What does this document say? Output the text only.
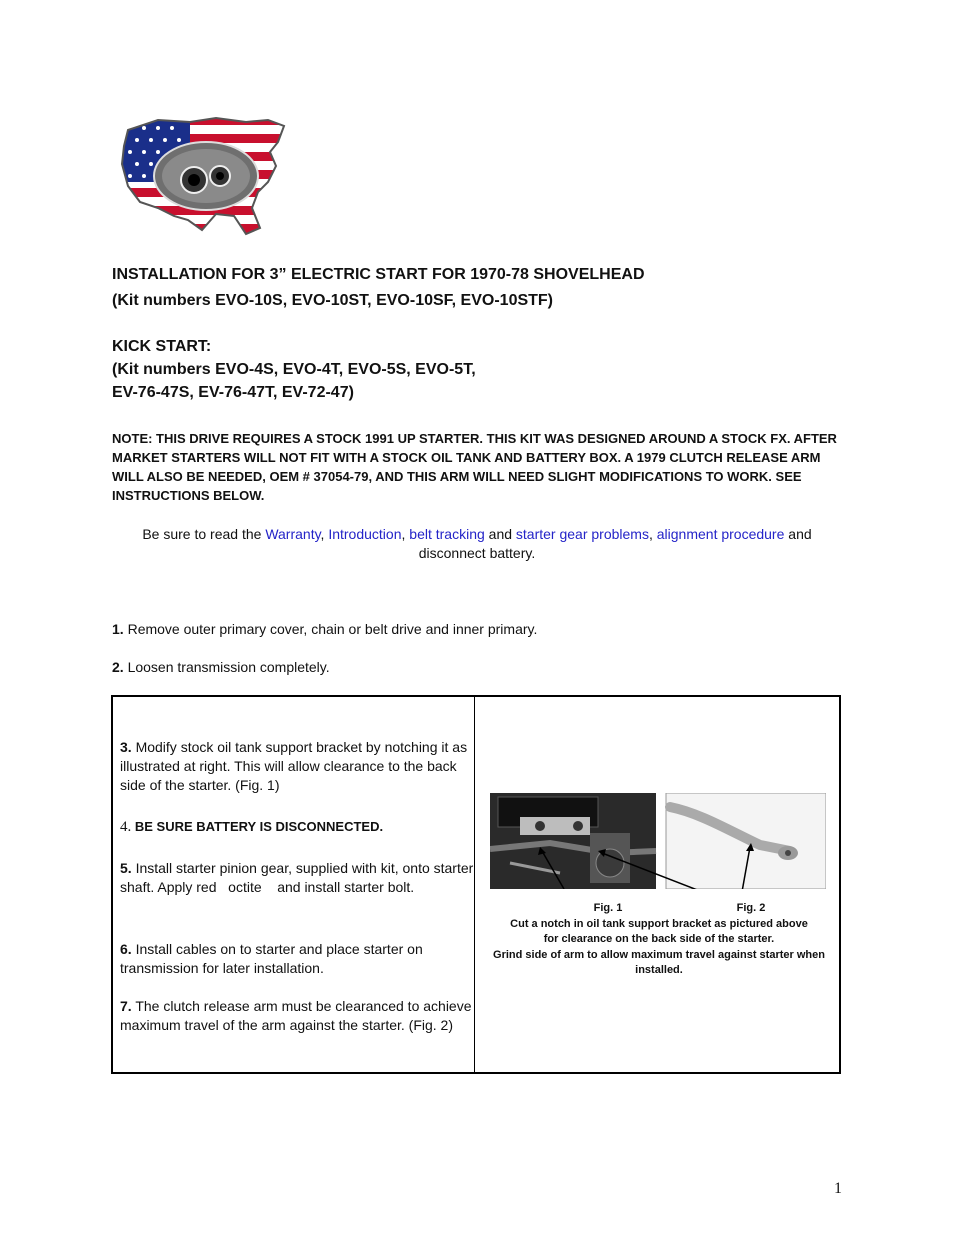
INSTALLATION FOR 3” ELECTRIC START FOR 1970-78 SHOVELHEAD
(Kit numbers EVO-10S, EVO-10ST, EVO-10SF, EVO-10STF)
KICK START:
(Kit numbers EVO-4S, EVO-4T, EVO-5S, EVO-5T,
EV-76-47S, EV-76-47T, EV-72-47)
NOTE: THIS DRIVE REQUIRES A STOCK 1991 UP STARTER. THIS KIT WAS DESIGNED AROUND A STOCK FX. AFTER MARKET STARTERS WILL NOT FIT WITH A STOCK OIL TANK AND BATTERY BOX. A 1979 CLUTCH RELEASE ARM WILL ALSO BE NEEDED, OEM # 37054-79, AND THIS ARM WILL NEED SLIGHT MODIFICATIONS TO WORK. SEE INSTRUCTIONS BELOW.
Be sure to read the Warranty, Introduction, belt tracking and starter gear problems, alignment procedure and
disconnect battery.
1. Remove outer primary cover, chain or belt drive and inner primary.
2. Loosen transmission completely.
3. Modify stock oil tank support bracket by notching it as illustrated at right. This will allow clearance to the back side of the starter. (Fig. 1)
4. BE SURE BATTERY IS DISCONNECTED.
5. Install starter pinion gear, supplied with kit, onto starter shaft. Apply red   octite    and install starter bolt.
6. Install cables on to starter and place starter on transmission for later installation.
7. The clutch release arm must be clearanced to achieve maximum travel of the arm against the starter. (Fig. 2)
Fig. 1	Fig. 2
Cut a notch in oil tank support bracket as pictured above
for clearance on the back side of the starter.
Grind side of arm to allow maximum travel against starter when installed.
1
